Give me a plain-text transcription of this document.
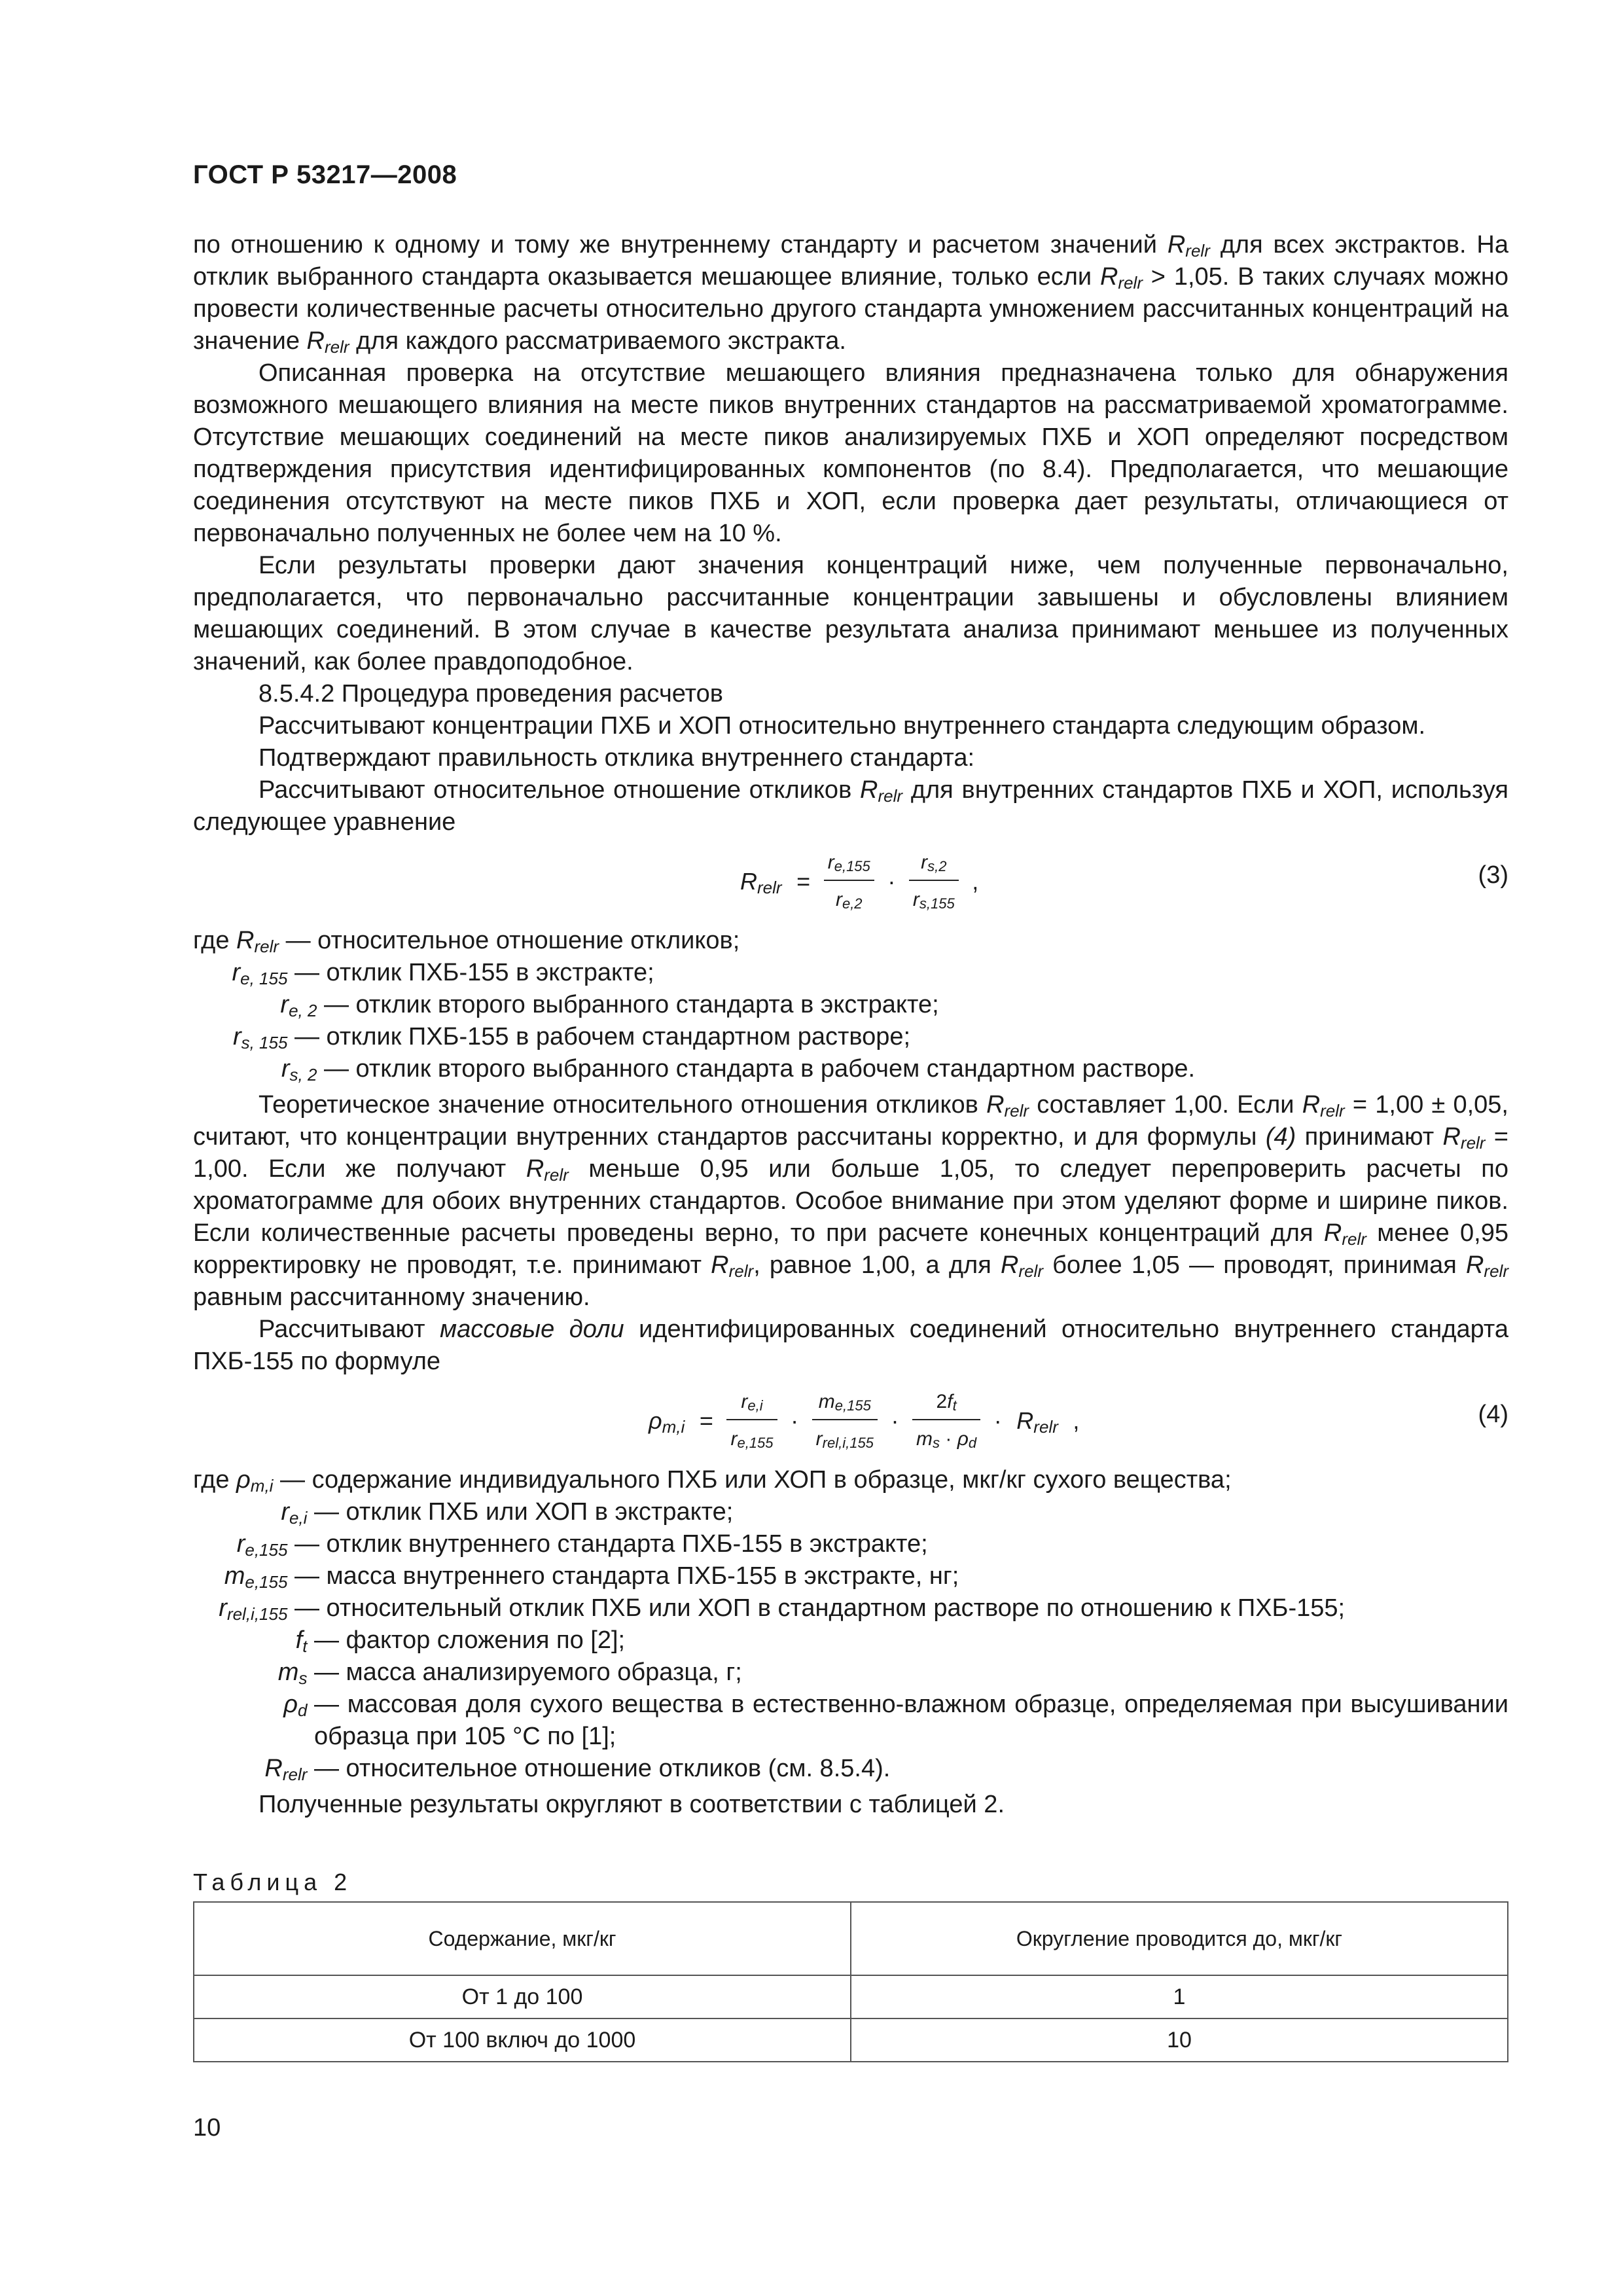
ГОСТ Р 53217—2008

по отношению к одному и тому же внутреннему стандарту и расчетом значений $R_{relr}$ для всех экстрактов. На отклик выбранного стандарта оказывается мешающее влияние, только если $R_{relr} > 1,05$. В таких случаях можно провести количественные расчеты относительно другого стандарта умножением рассчитанных концентраций на значение $R_{relr}$ для каждого рассматриваемого экстракта.

Описанная проверка на отсутствие мешающего влияния предназначена только для обнаружения возможного мешающего влияния на месте пиков внутренних стандартов на рассматриваемой хроматограмме. Отсутствие мешающих соединений на месте пиков анализируемых ПХБ и ХОП определяют посредством подтверждения присутствия идентифицированных компонентов (по 8.4). Предполагается, что мешающие соединения отсутствуют на месте пиков ПХБ и ХОП, если проверка дает результаты, отличающиеся от первоначально полученных не более чем на 10 %.

Если результаты проверки дают значения концентраций ниже, чем полученные первоначально, предполагается, что первоначально рассчитанные концентрации завышены и обусловлены влиянием мешающих соединений. В этом случае в качестве результата анализа принимают меньшее из полученных значений, как более правдоподобное.

8.5.4.2 Процедура проведения расчетов

Рассчитывают концентрации ПХБ и ХОП относительно внутреннего стандарта следующим образом.

Подтверждают правильность отклика внутреннего стандарта:

Рассчитывают относительное отношение откликов $R_{relr}$ для внутренних стандартов ПХБ и ХОП, используя следующее уравнение

$R_{relr} = \frac{r_{e,155}}{r_{e,2}} \cdot \frac{r_{s,2}}{r_{s,155}}$ ,	(3)
где $R_{relr}$ — относительное отношение откликов;
$r_{e, 155}$ — отклик ПХБ-155 в экстракте;
$r_{e, 2}$ — отклик второго выбранного стандарта в экстракте;
$r_{s, 155}$ — отклик ПХБ-155 в рабочем стандартном растворе;
$r_{s, 2}$ — отклик второго выбранного стандарта в рабочем стандартном растворе.

Теоретическое значение относительного отношения откликов $R_{relr}$ составляет 1,00. Если $R_{relr} = 1,00 \pm 0,05$, считают, что концентрации внутренних стандартов рассчитаны корректно, и для формулы (4) принимают $R_{relr} = 1,00$. Если же получают $R_{relr}$ меньше 0,95 или больше 1,05, то следует перепроверить расчеты по хроматограмме для обоих внутренних стандартов. Особое внимание при этом уделяют форме и ширине пиков. Если количественные расчеты проведены верно, то при расчете конечных концентраций для $R_{relr}$ менее 0,95 корректировку не проводят, т.е. принимают $R_{relr}$, равное 1,00, а для $R_{relr}$ более 1,05 — проводят, принимая $R_{relr}$ равным рассчитанному значению.

Рассчитывают массовые доли идентифицированных соединений относительно внутреннего стандарта ПХБ-155 по формуле

$\rho_{m,i} = \frac{r_{e,i}}{r_{e,155}} \cdot \frac{m_{e,155}}{r_{rel,i,155}} \cdot \frac{2f_t}{m_s \cdot \rho_d} \cdot R_{relr}$ ,	(4)
где $\rho_{m,i}$ — содержание индивидуального ПХБ или ХОП в образце, мкг/кг сухого вещества;
$r_{e,i}$ — отклик ПХБ или ХОП в экстракте;
$r_{e,155}$ — отклик внутреннего стандарта ПХБ-155 в экстракте;
$m_{e,155}$ — масса внутреннего стандарта ПХБ-155 в экстракте, нг;
$r_{rel,i,155}$ — относительный отклик ПХБ или ХОП в стандартном растворе по отношению к ПХБ-155;
$f_t$ — фактор сложения по [2];
$m_s$ — масса анализируемого образца, г;
$\rho_d$ — массовая доля сухого вещества в естественно-влажном образце, определяемая при высушивании образца при 105 °С по [1];
$R_{relr}$ — относительное отношение откликов (см. 8.5.4).

Полученные результаты округляют в соответствии с таблицей 2.

Таблица 2
Содержание, мкг/кг	Округление проводится до, мкг/кг
От 1 до 100	1
От 100 включ до 1000	10
10
